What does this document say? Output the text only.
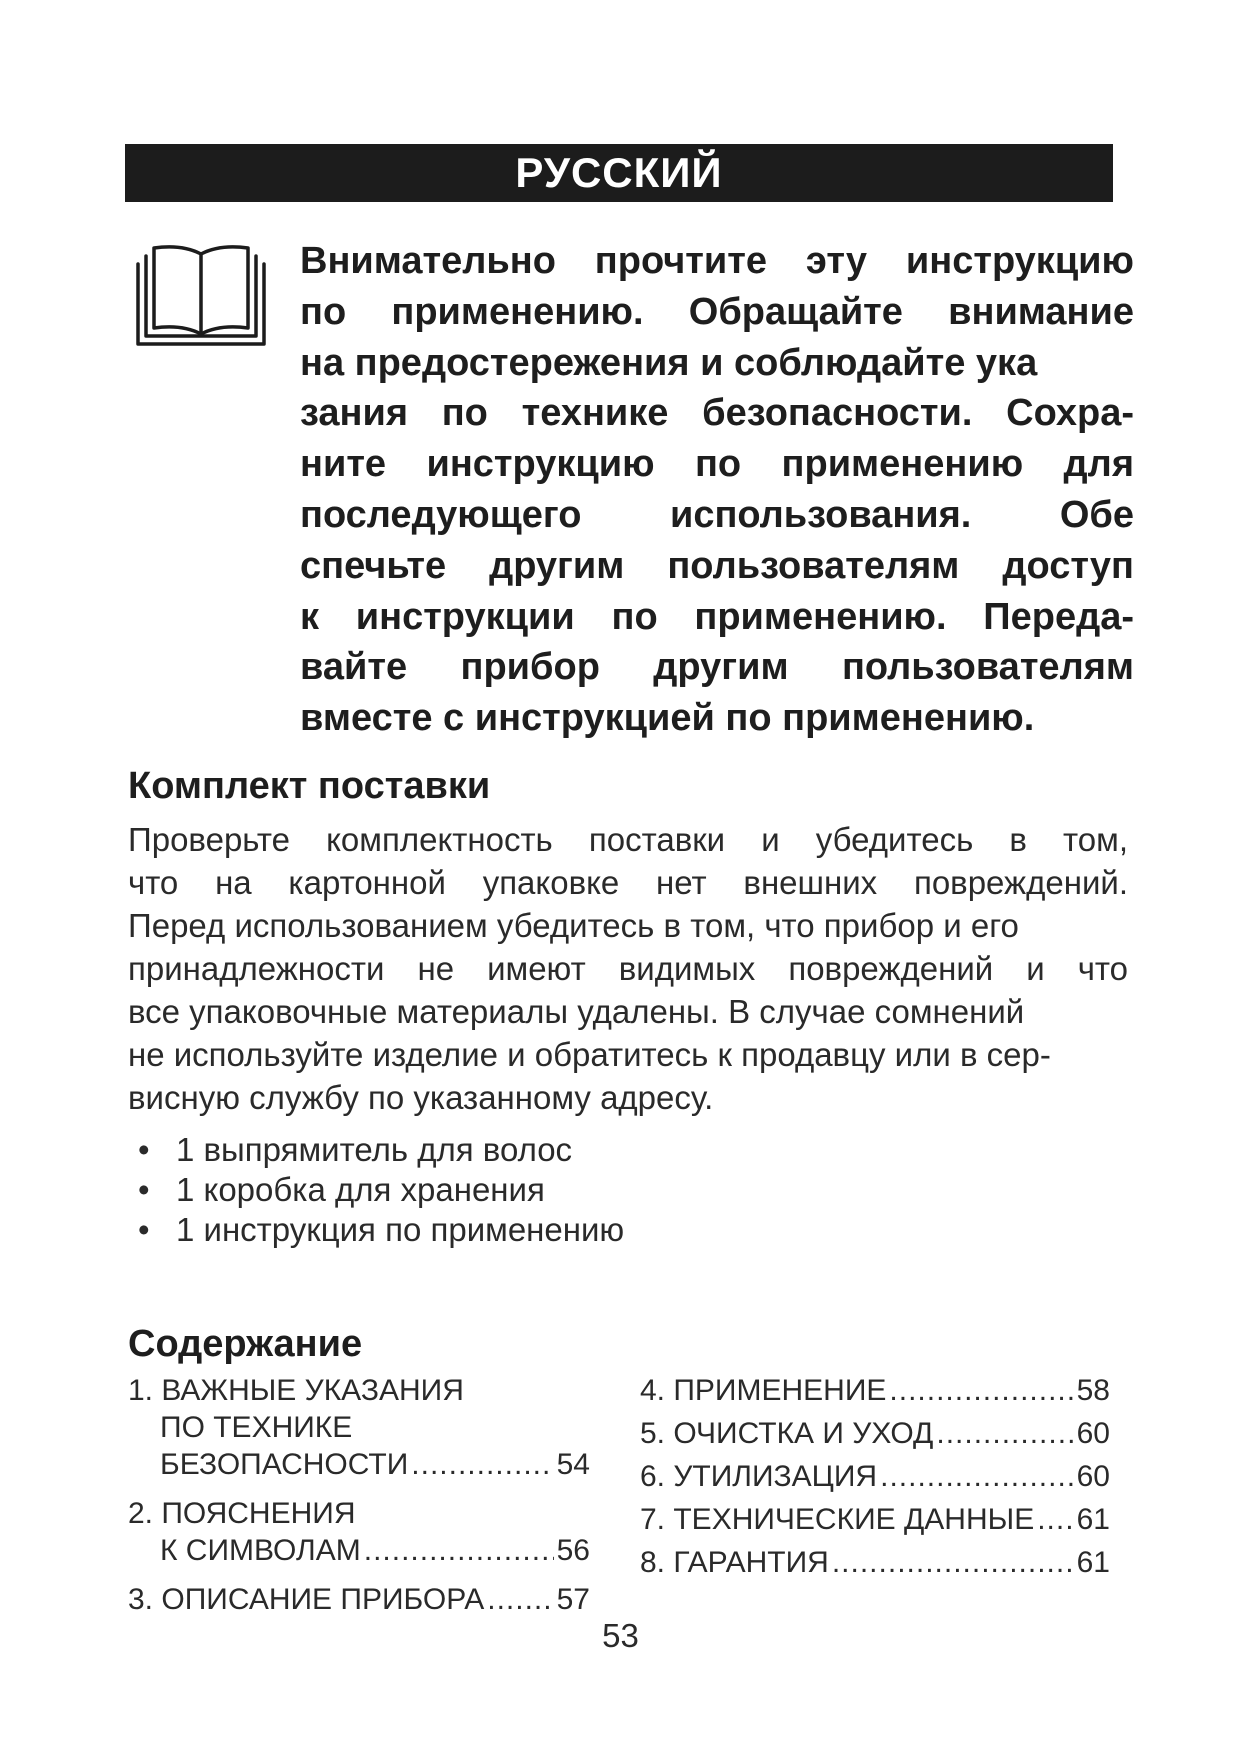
РУССКИЙ
Внимательно прочтите эту инструкцию
по применению. Обращайте внимание
на предостережения и соблюдайте ука
зания по технике безопасности. Сохра-
ните инструкцию по применению для
последующего использования. Обе
спечьте другим пользователям доступ
к инструкции по применению. Переда-
вайте прибор другим пользователям
вместе с инструкцией по применению.
Комплект поставки
Проверьте комплектность поставки и убедитесь в том,
что на картонной упаковке нет внешних повреждений.
Перед использованием убедитесь в том, что прибор и его
принадлежности не имеют видимых повреждений и что
все упаковочные материалы удалены. В случае сомнений
не используйте изделие и обратитесь к продавцу или в сер-
висную службу по указанному адресу.
• 1 выпрямитель для волос
• 1 коробка для хранения
• 1 инструкция по применению
Содержание
1. ВАЖНЫЕ УКАЗАНИЯ
ПО ТЕХНИКЕ
БЕЗОПАСНОСТИ .....	54
2. ПОЯСНЕНИЯ
К СИМВОЛАМ .....	56
3. ОПИСАНИЕ ПРИБОРА ..... 57
4. ПРИМЕНЕНИЕ .....	58
5. ОЧИСТКА И УХОД .....	60
6. УТИЛИЗАЦИЯ .....	60
7. ТЕХНИЧЕСКИЕ ДАННЫЕ ..... 61
8. ГАРАНТИЯ .....	61
53
